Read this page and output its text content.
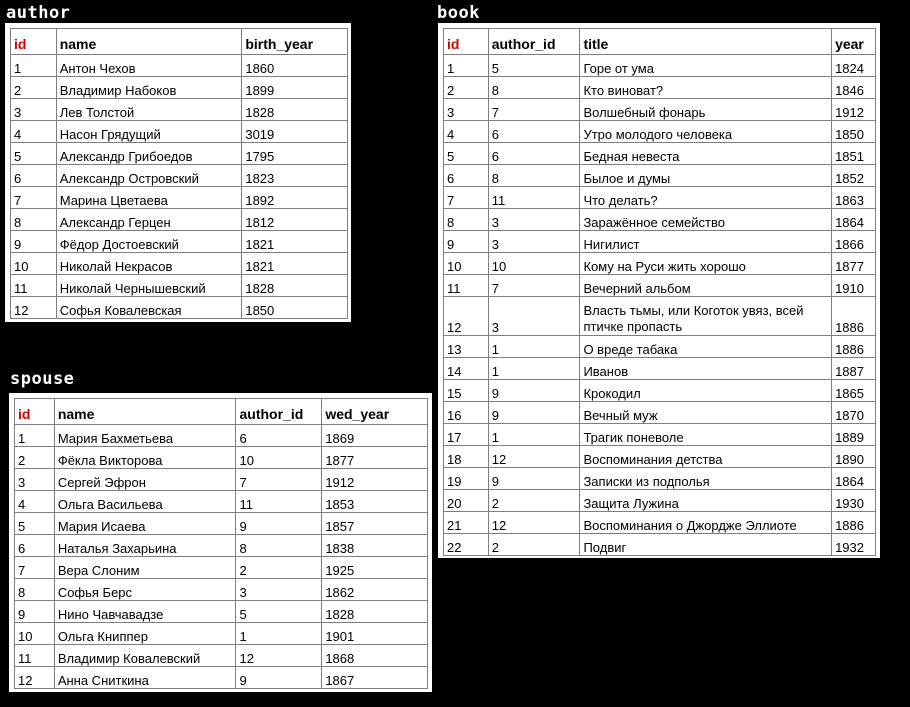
author
id	name	birth_year
1	Антон Чехов	1860
2	Владимир Набоков	1899
3	Лев Толстой	1828
4	Насон Грядущий	3019
5	Александр Грибоедов	1795
6	Александр Островский	1823
7	Марина Цветаева	1892
8	Александр Герцен	1812
9	Фёдор Достоевский	1821
10	Николай Некрасов	1821
11	Николай Чернышевский	1828
12	Софья Ковалевская	1850
spouse
id	name	author_id	wed_year
1	Мария Бахметьева	6	1869
2	Фёкла Викторова	10	1877
3	Сергей Эфрон	7	1912
4	Ольга Васильева	11	1853
5	Мария Исаева	9	1857
6	Наталья Захарьина	8	1838
7	Вера Слоним	2	1925
8	Софья Берс	3	1862
9	Нино Чавчавадзе	5	1828
10	Ольга Книппер	1	1901
11	Владимир Ковалевский	12	1868
12	Анна Сниткина	9	1867
book
id	author_id	title	year
1	5	Горе от ума	1824
2	8	Кто виноват?	1846
3	7	Волшебный фонарь	1912
4	6	Утро молодого человека	1850
5	6	Бедная невеста	1851
6	8	Былое и думы	1852
7	11	Что делать?	1863
8	3	Заражённое семейство	1864
9	3	Нигилист	1866
10	10	Кому на Руси жить хорошо	1877
11	7	Вечерний альбом	1910
12	3	Власть тьмы, или Коготок увяз, всей птичке пропасть	1886
13	1	О вреде табака	1886
14	1	Иванов	1887
15	9	Крокодил	1865
16	9	Вечный муж	1870
17	1	Трагик поневоле	1889
18	12	Воспоминания детства	1890
19	9	Записки из подполья	1864
20	2	Защита Лужина	1930
21	12	Воспоминания о Джордже Эллиоте	1886
22	2	Подвиг	1932
